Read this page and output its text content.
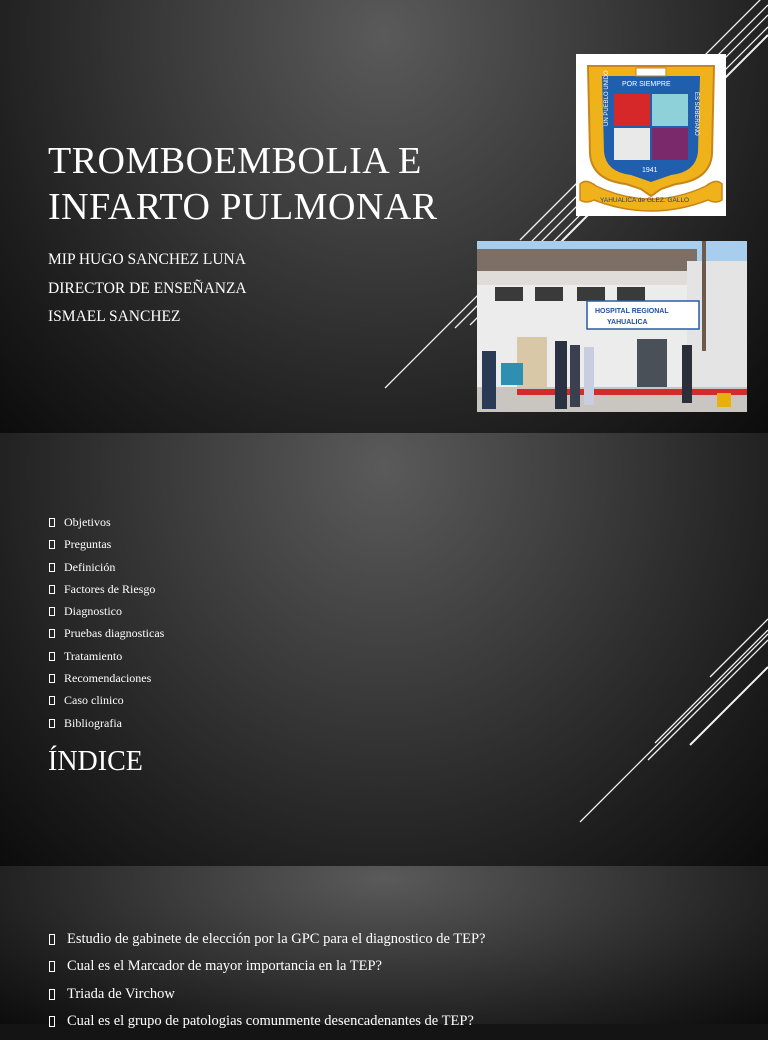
TROMBOEMBOLIA E
INFARTO PULMONAR
MIP HUGO SANCHEZ LUNA
DIRECTOR DE ENSEÑANZA
ISMAEL SANCHEZ
POR SIEMPRE
UN PUEBLO UNIDO	ES SOBERANO
1941
YAHUALICA de GLEZ. GALLO
HOSPITAL REGIONAL
YAHUALICA
Objetivos
Preguntas
Definición
Factores de Riesgo
Diagnostico
Pruebas diagnosticas
Tratamiento
Recomendaciones
Caso clinico
Bibliografia
ÍNDICE
Estudio de gabinete de elección por la GPC para el diagnostico de TEP?
Cual es el Marcador de mayor importancia en la TEP?
Triada de Virchow
Cual es el grupo de patologias comunmente desencadenantes de TEP?
